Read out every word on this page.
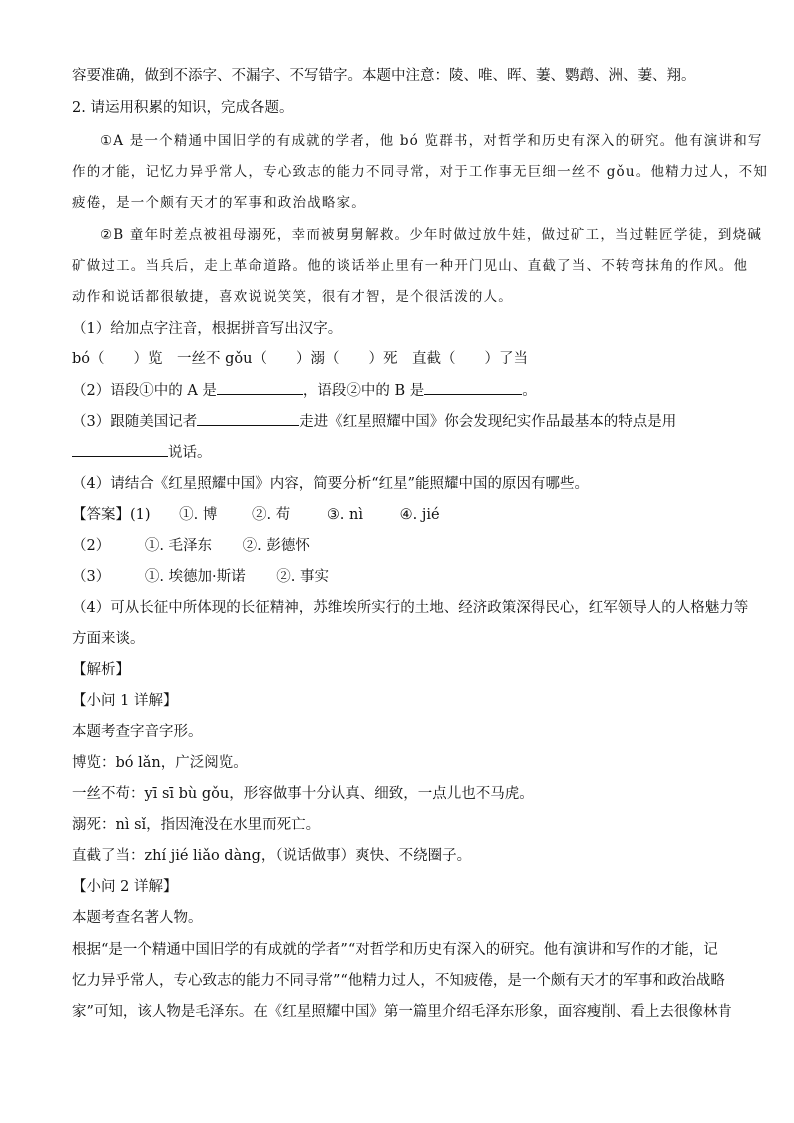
容要准确，做到不添字、不漏字、不写错字。本题中注意：陵、唯、晖、萋、鹦鹉、洲、萋、翔。
2. 请运用积累的知识，完成各题。
①A 是一个精通中国旧学的有成就的学者，他 bó 览群书，对哲学和历史有深入的研究。他有演讲和写
作的才能，记忆力异乎常人，专心致志的能力不同寻常，对于工作事无巨细一丝不 gǒu。他精力过人，不知
疲倦，是一个颇有天才的军事和政治战略家。
②B 童年时差点被祖母溺死，幸而被舅舅解救。少年时做过放牛娃，做过矿工，当过鞋匠学徒，到烧碱
矿做过工。当兵后，走上革命道路。他的谈话举止里有一种开门见山、直截了当、不转弯抹角的作风。他
动作和说话都很敏捷，喜欢说说笑笑，很有才智，是个很活泼的人。
（1）给加点字注音，根据拼音写出汉字。
bó（　　）览　一丝不 gǒu（　　）溺（　　）死　直截（　　）了当
（2）语段①中的 A 是	，语段②中的 B 是	。
（3）跟随美国记者	走进《红星照耀中国》你会发现纪实作品最基本的特点是用
说话。
（4）请结合《红星照耀中国》内容，简要分析“红星”能照耀中国的原因有哪些。
【答案】(1) ①. 博 ②. 苟	③. nì	④. jié
（2） ①. 毛泽东 ②. 彭德怀
（3） ①. 埃德加·斯诺 ②. 事实
（4）可从长征中所体现的长征精神，苏维埃所实行的土地、经济政策深得民心，红军领导人的人格魅力等
方面来谈。
【解析】
【小问 1 详解】
本题考查字音字形。
博览：bó lǎn，广泛阅览。
一丝不苟：yī sī bù gǒu，形容做事十分认真、细致，一点儿也不马虎。
溺死：nì sǐ，指因淹没在水里而死亡。
直截了当：zhí jié liǎo dàng，（说话做事）爽快、不绕圈子。
【小问 2 详解】
本题考查名著人物。
根据“是一个精通中国旧学的有成就的学者”“对哲学和历史有深入的研究。他有演讲和写作的才能，记
忆力异乎常人，专心致志的能力不同寻常”“他精力过人，不知疲倦，是一个颇有天才的军事和政治战略
家”可知，该人物是毛泽东。在《红星照耀中国》第一篇里介绍毛泽东形象，面容瘦削、看上去很像林肯
